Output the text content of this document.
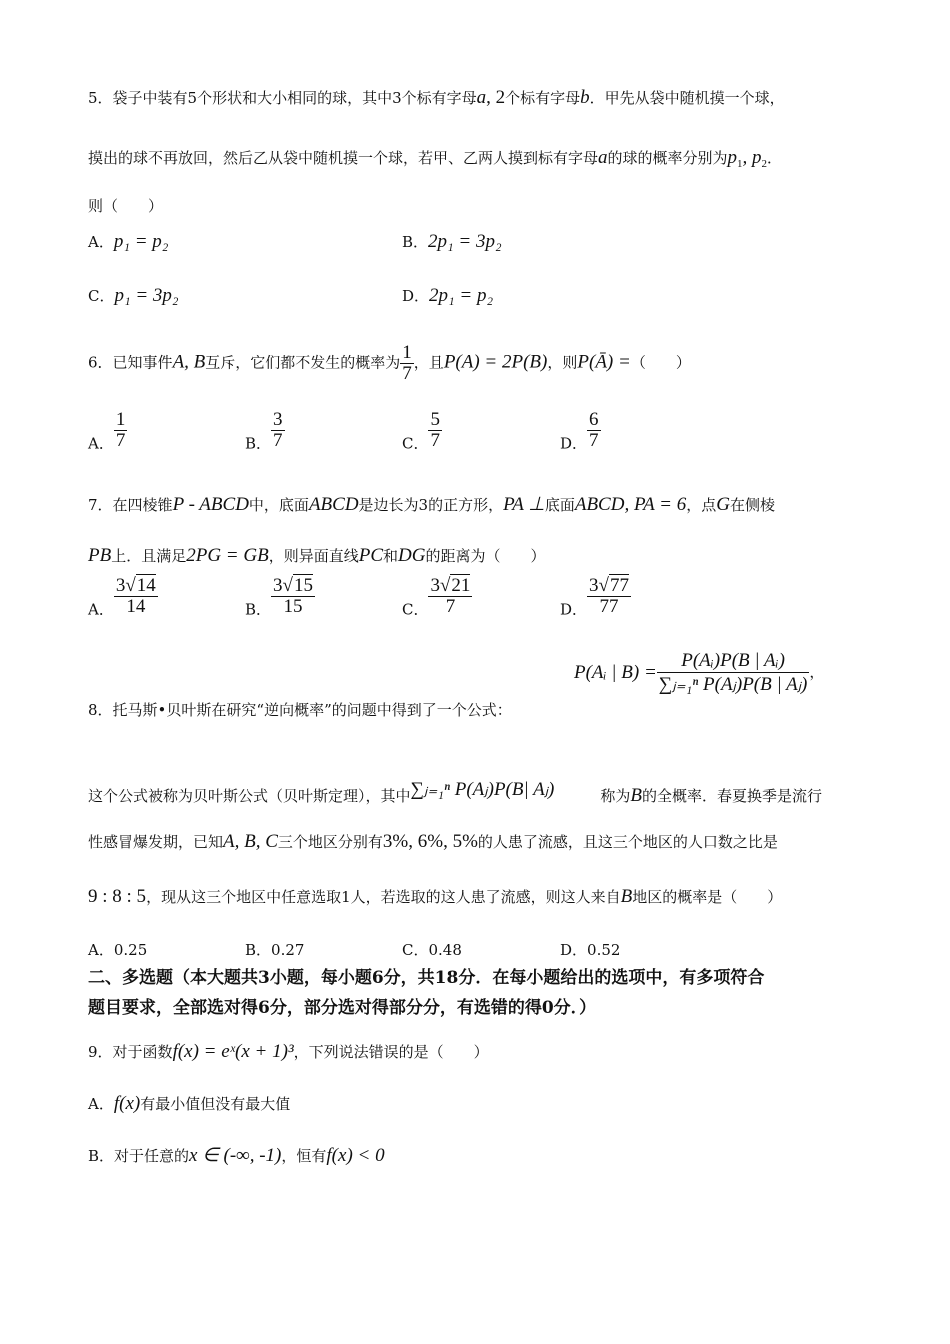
5．袋子中装有5个形状和大小相同的球，其中3个标有字母a, 2个标有字母b．甲先从袋中随机摸一个球，
摸出的球不再放回，然后乙从袋中随机摸一个球，若甲、乙两人摸到标有字母a的球的概率分别为$p_1$, $p_2$．
则（　　）
A．p₁ = p₂	B．2p₁ = 3p₂
C．p₁ = 3p₂	D．2p₁ = p₂
6．已知事件A, B互斥，它们都不发生的概率为 $\frac{1}{7}$ ，且P(A) = 2P(B)，则P(Ā) =（　　）
A． $\frac{1}{7}$	B． $\frac{3}{7}$	C． $\frac{5}{7}$	D． $\frac{6}{7}$
7．在四棱锥P - ABCD中，底面ABCD是边长为3的正方形，PA ⊥底面ABCD, PA = 6，点G在侧棱
PB上．且满足2PG = GB，则异面直线PC和DG的距离为（　　）
A． $\frac{3√14}{14}$	B． $\frac{3√15}{15}$	C． $\frac{3√21}{7}$	D． $\frac{3√77}{77}$
8．托马斯•贝叶斯在研究“逆向概率”的问题中得到了一个公式：
P(Aᵢ | $B) = \frac{\text{P(Aᵢ)P(B | Aᵢ)}}{\text{∑ⱼ₌₁ⁿ P(Aⱼ)P(B | Aⱼ)}}$ ，
这个公式被称为贝叶斯公式（贝叶斯定理），其中∑ⱼ₌₁ⁿ P(Aⱼ)P(B| Aⱼ)	称为B的全概率．春夏换季是流行
性感冒爆发期，已知A, B, C三个地区分别有3%, 6%, 5%的人患了流感，且这三个地区的人口数之比是
9 : 8 : 5，现从这三个地区中任意选取1人，若选取的这人患了流感，则这人来自B地区的概率是（　　）
A．0.25	B．0.27	C．0.48	D．0.52
二、多选题（本大题共3小题，每小题6分，共18分．在每小题给出的选项中，有多项符合
题目要求，全部选对得6分，部分选对得部分分，有选错的得0分．）
9．对于函数f(x) = eˣ(x + 1)³，下列说法错误的是（　　）
A．f(x)有最小值但没有最大值
B．对于任意的x ∈ (-∞, -1)，恒有f(x) < 0
